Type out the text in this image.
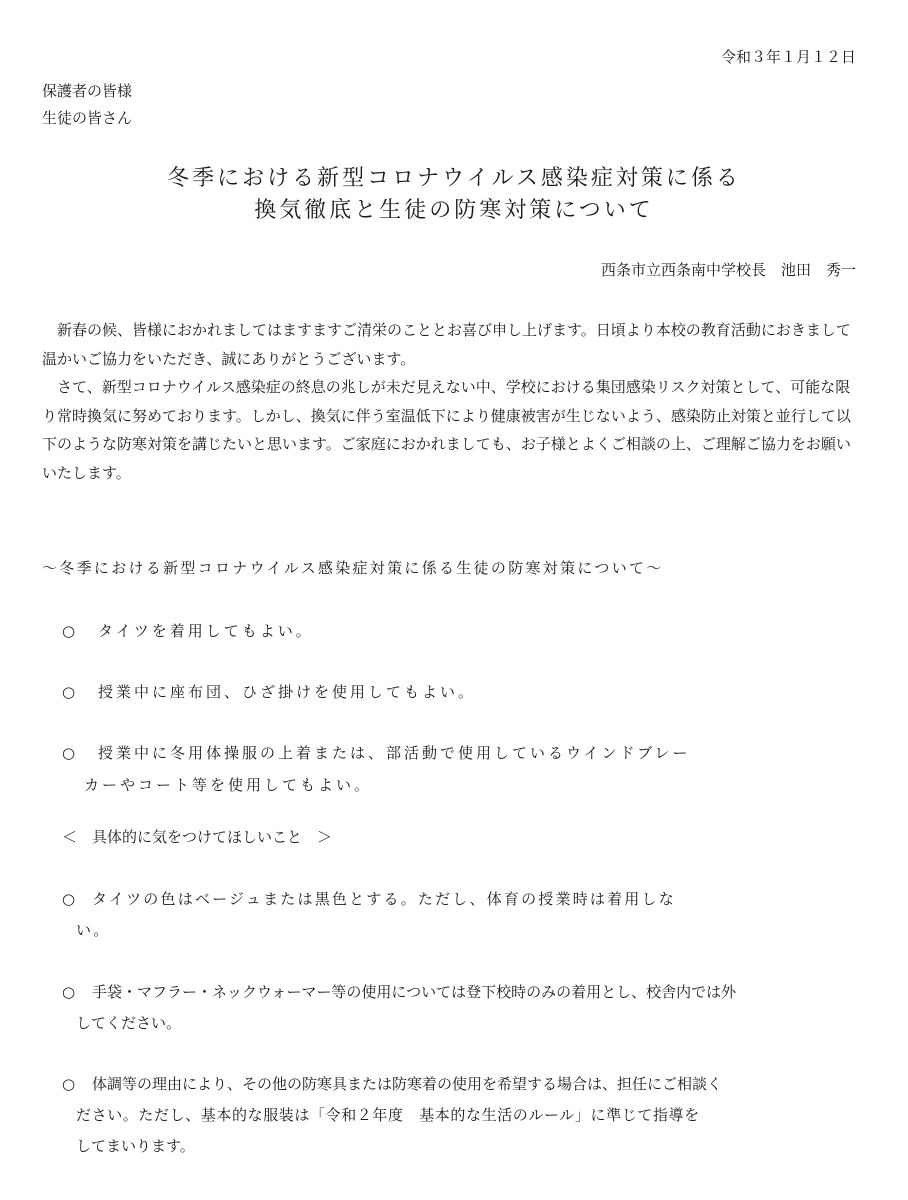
令和３年１月１２日
保護者の皆様
生徒の皆さん
冬季における新型コロナウイルス感染症対策に係る
換気徹底と生徒の防寒対策について
西条市立西条南中学校長　池田　秀一

新春の候、皆様におかれましてはますますご清栄のこととお喜び申し上げます。日頃より本校の教育活動におきまして温かいご協力をいただき、誠にありがとうございます。

さて、新型コロナウイルス感染症の終息の兆しが未だ見えない中、学校における集団感染リスク対策として、可能な限り常時換気に努めております。しかし、換気に伴う室温低下により健康被害が生じないよう、感染防止対策と並行して以下のような防寒対策を講じたいと思います。ご家庭におかれましても、お子様とよくご相談の上、ご理解ご協力をお願いいたします。

～冬季における新型コロナウイルス感染症対策に係る生徒の防寒対策について～
○ タイツを着用してもよい。
○ 授業中に座布団、ひざ掛けを使用してもよい。
○ 授業中に冬用体操服の上着または、部活動で使用しているウインドブレー
カーやコート等を使用してもよい。
＜　具体的に気をつけてほしいこと　＞
○ タイツの色はベージュまたは黒色とする。ただし、体育の授業時は着用しな
い。
○ 手袋・マフラー・ネックウォーマー等の使用については登下校時のみの着用とし、校舎内では外
してください。
○ 体調等の理由により、その他の防寒具または防寒着の使用を希望する場合は、担任にご相談く
ださい。ただし、基本的な服装は「令和２年度　基本的な生活のルール」に準じて指導を
してまいります。
